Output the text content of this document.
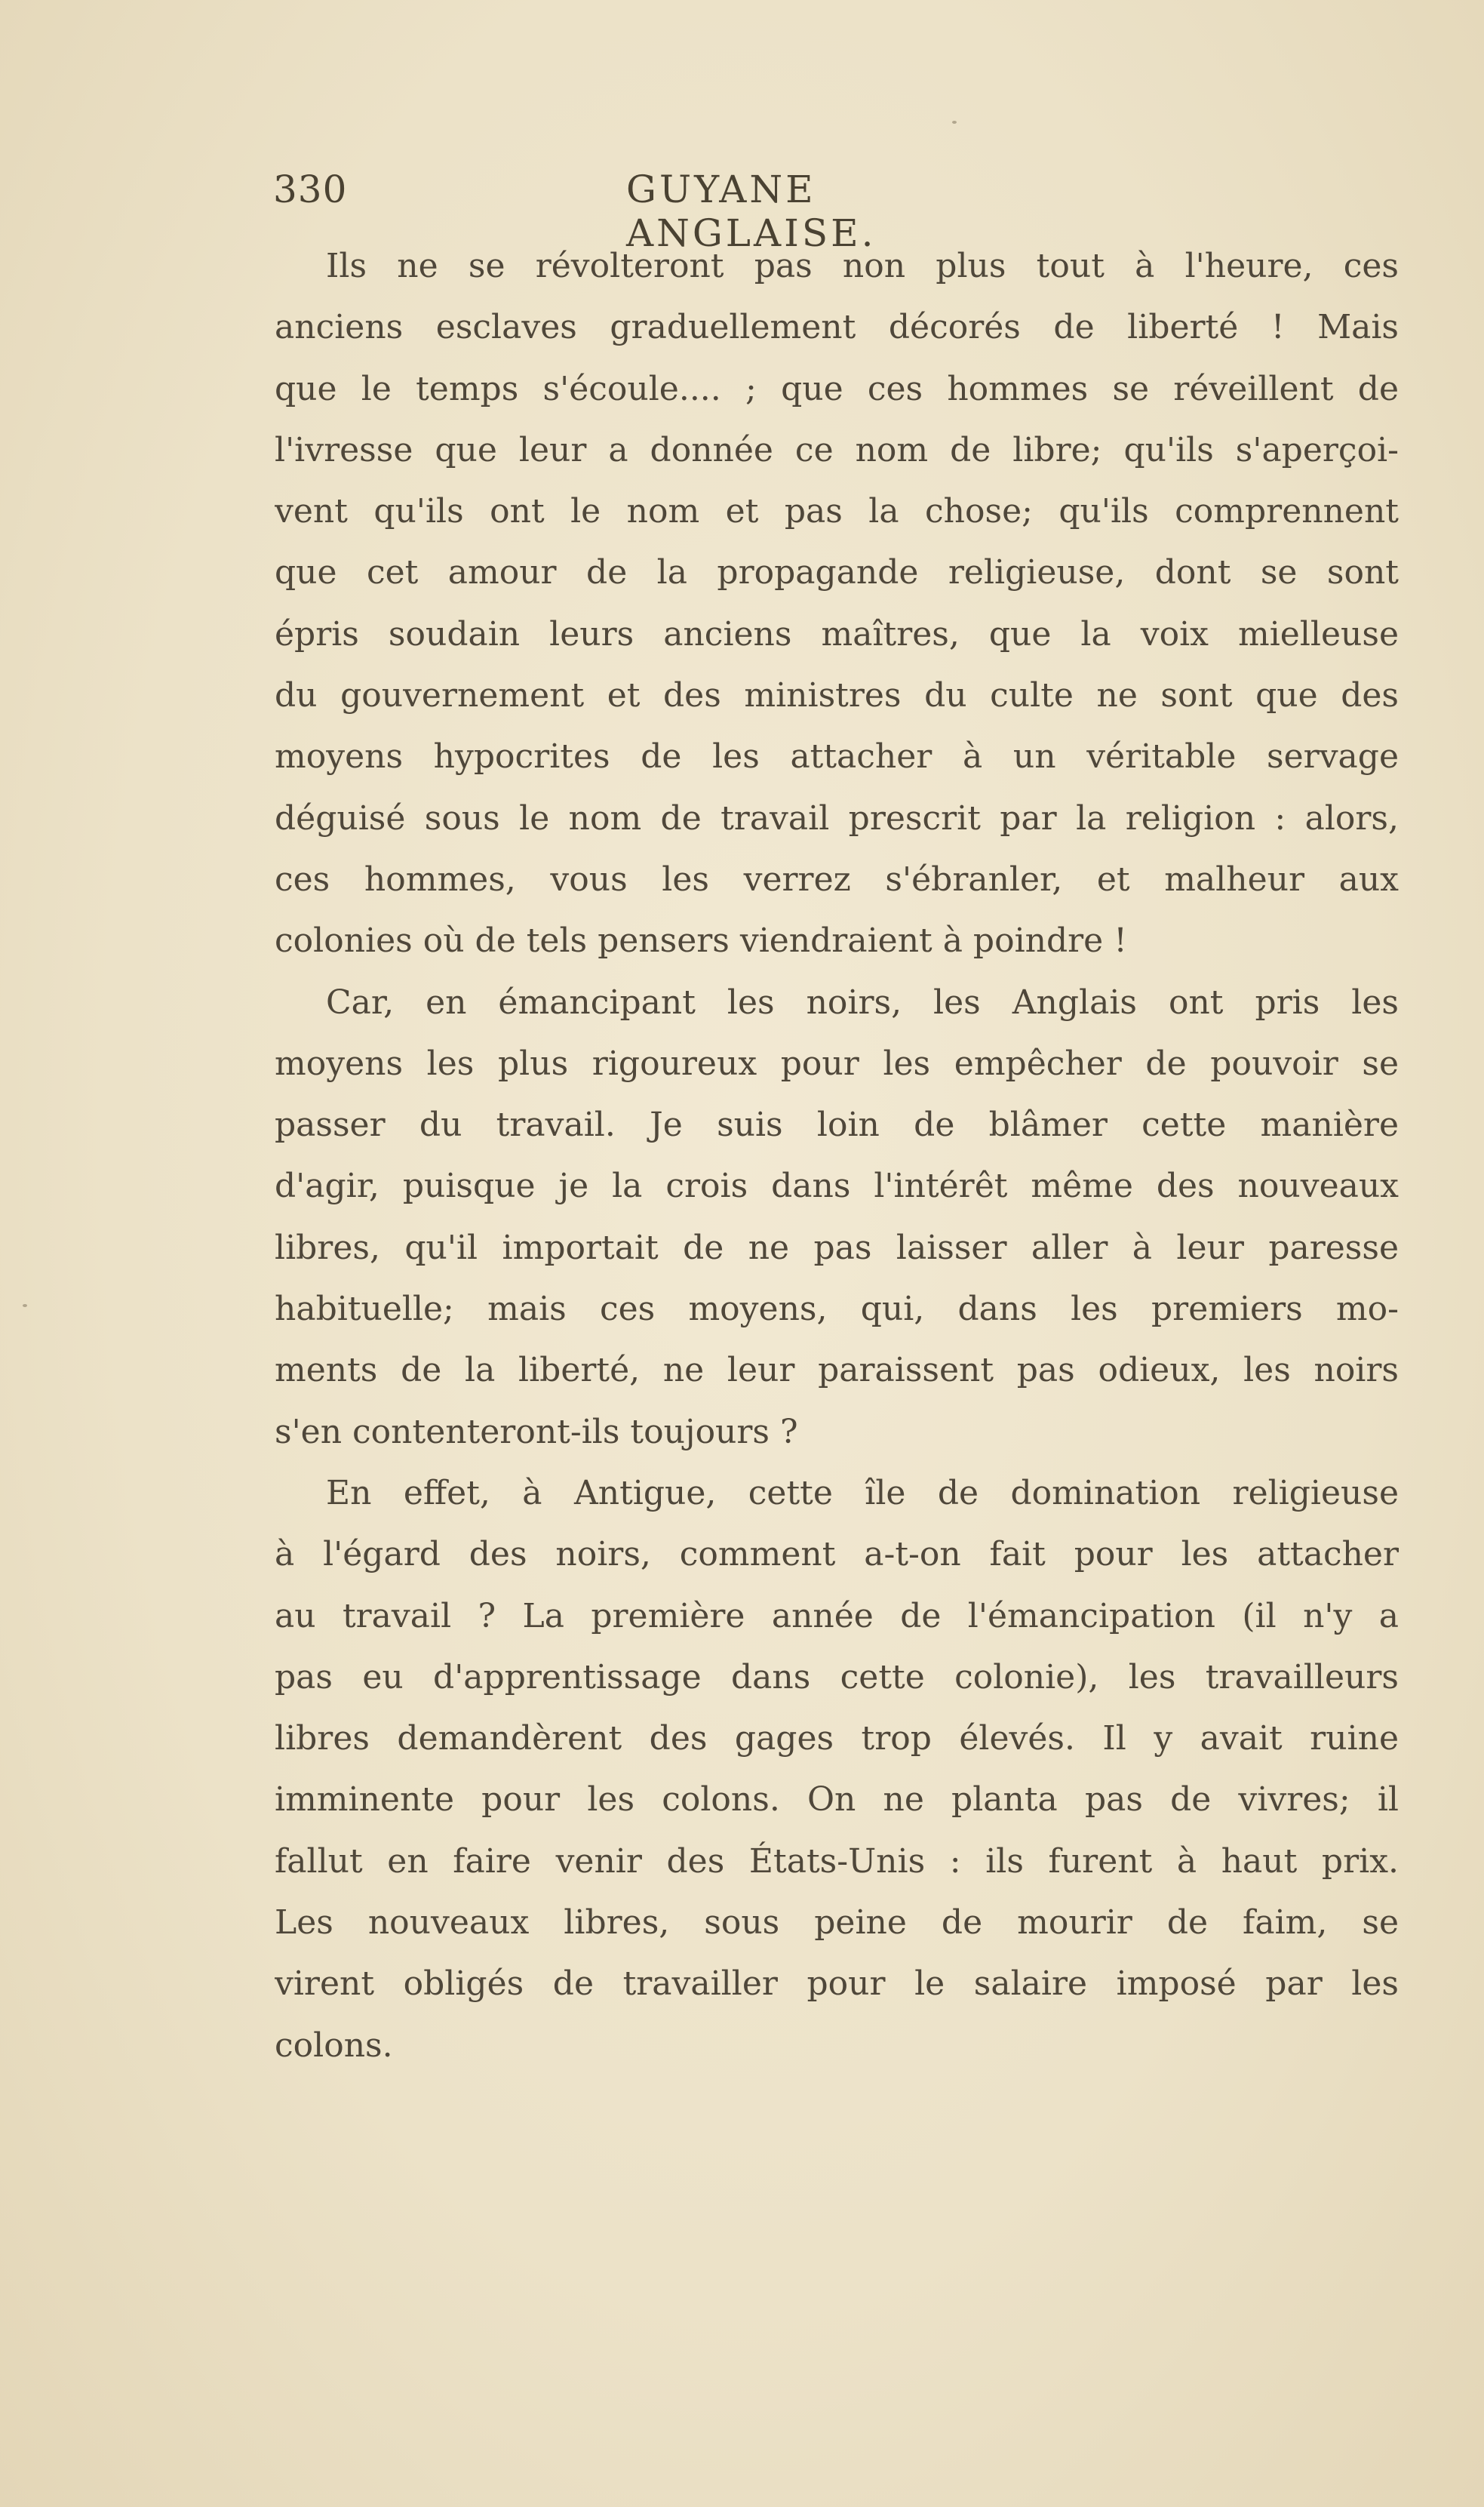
330	GUYANE ANGLAISE.
Ils ne se révolteront pas non plus tout à l'heure, ces
anciens esclaves graduellement décorés de liberté ! Mais
que le temps s'écoule.... ; que ces hommes se réveillent de
l'ivresse que leur a donnée ce nom de libre; qu'ils s'aperçoi-
vent qu'ils ont le nom et pas la chose; qu'ils comprennent
que cet amour de la propagande religieuse, dont se sont
épris soudain leurs anciens maîtres, que la voix mielleuse
du gouvernement et des ministres du culte ne sont que des
moyens hypocrites de les attacher à un véritable servage
déguisé sous le nom de travail prescrit par la religion : alors,
ces hommes, vous les verrez s'ébranler, et malheur aux
colonies où de tels pensers viendraient à poindre !
Car, en émancipant les noirs, les Anglais ont pris les
moyens les plus rigoureux pour les empêcher de pouvoir se
passer du travail. Je suis loin de blâmer cette manière
d'agir, puisque je la crois dans l'intérêt même des nouveaux
libres, qu'il importait de ne pas laisser aller à leur paresse
habituelle; mais ces moyens, qui, dans les premiers mo-
ments de la liberté, ne leur paraissent pas odieux, les noirs
s'en contenteront-ils toujours ?
En effet, à Antigue, cette île de domination religieuse
à l'égard des noirs, comment a-t-on fait pour les attacher
au travail ? La première année de l'émancipation (il n'y a
pas eu d'apprentissage dans cette colonie), les travailleurs
libres demandèrent des gages trop élevés. Il y avait ruine
imminente pour les colons. On ne planta pas de vivres; il
fallut en faire venir des États-Unis : ils furent à haut prix.
Les nouveaux libres, sous peine de mourir de faim, se
virent obligés de travailler pour le salaire imposé par les
colons.
